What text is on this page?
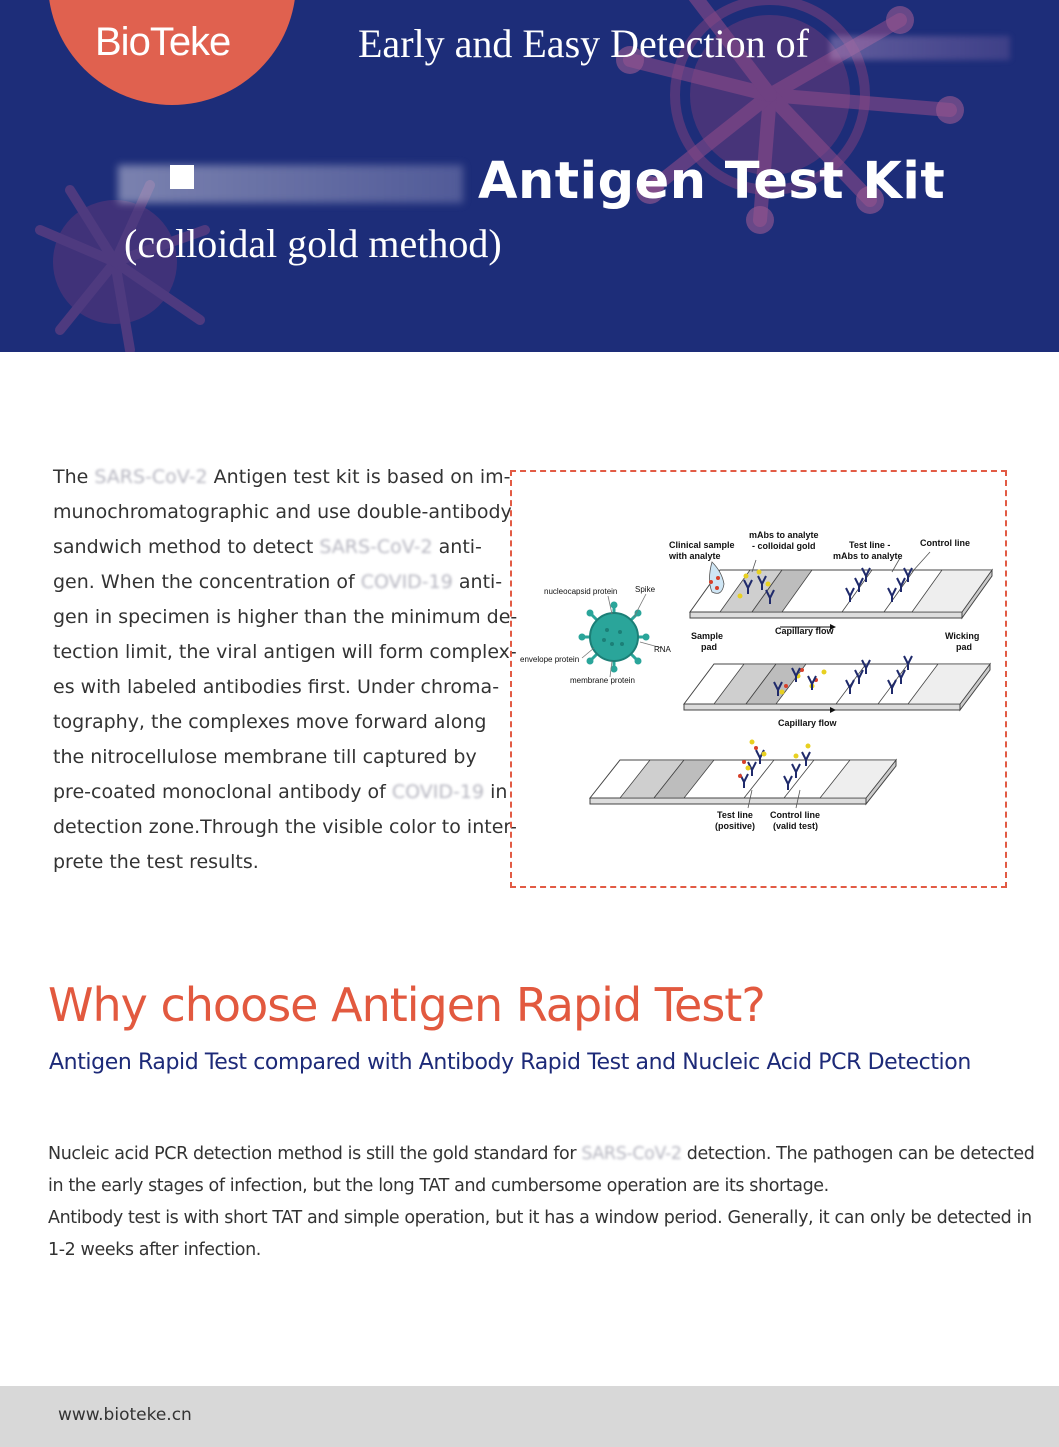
BioTeke	Early and Easy Detection of
Antigen Test Kit
(colloidal gold method)
The SARS-CoV-2 Antigen test kit is based on im-
munochromatographic and use double-antibody
sandwich method to detect SARS-CoV-2 anti-
gen. When the concentration of COVID-19 anti-
gen in specimen is higher than the minimum de-
tection limit, the viral antigen will form complex-
es with labeled antibodies first. Under chroma-
tography, the complexes move forward along
the nitrocellulose membrane till captured by
pre-coated monoclonal antibody of COVID-19 in
detection zone.Through the visible color to inter-
prete the test results.
nucleocapsid protein Spike
envelope protein
RNA
membrane protein
Clinical sample
with analyte
mAbs to analyte
- colloidal gold	Test line -
mAbs to analyte
Control line
Sample
pad
Capillary flow	Wicking
pad
Capillary flow
Test line
(positive)
Control line
(valid test)
Why choose Antigen Rapid Test?
Antigen Rapid Test compared with Antibody Rapid Test and Nucleic Acid PCR Detection
Nucleic acid PCR detection method is still the gold standard for SARS-CoV-2 detection. The pathogen can be detected
in the early stages of infection, but the long TAT and cumbersome operation are its shortage.
Antibody test is with short TAT and simple operation, but it has a window period. Generally, it can only be detected in
1-2 weeks after infection.
www.bioteke.cn
